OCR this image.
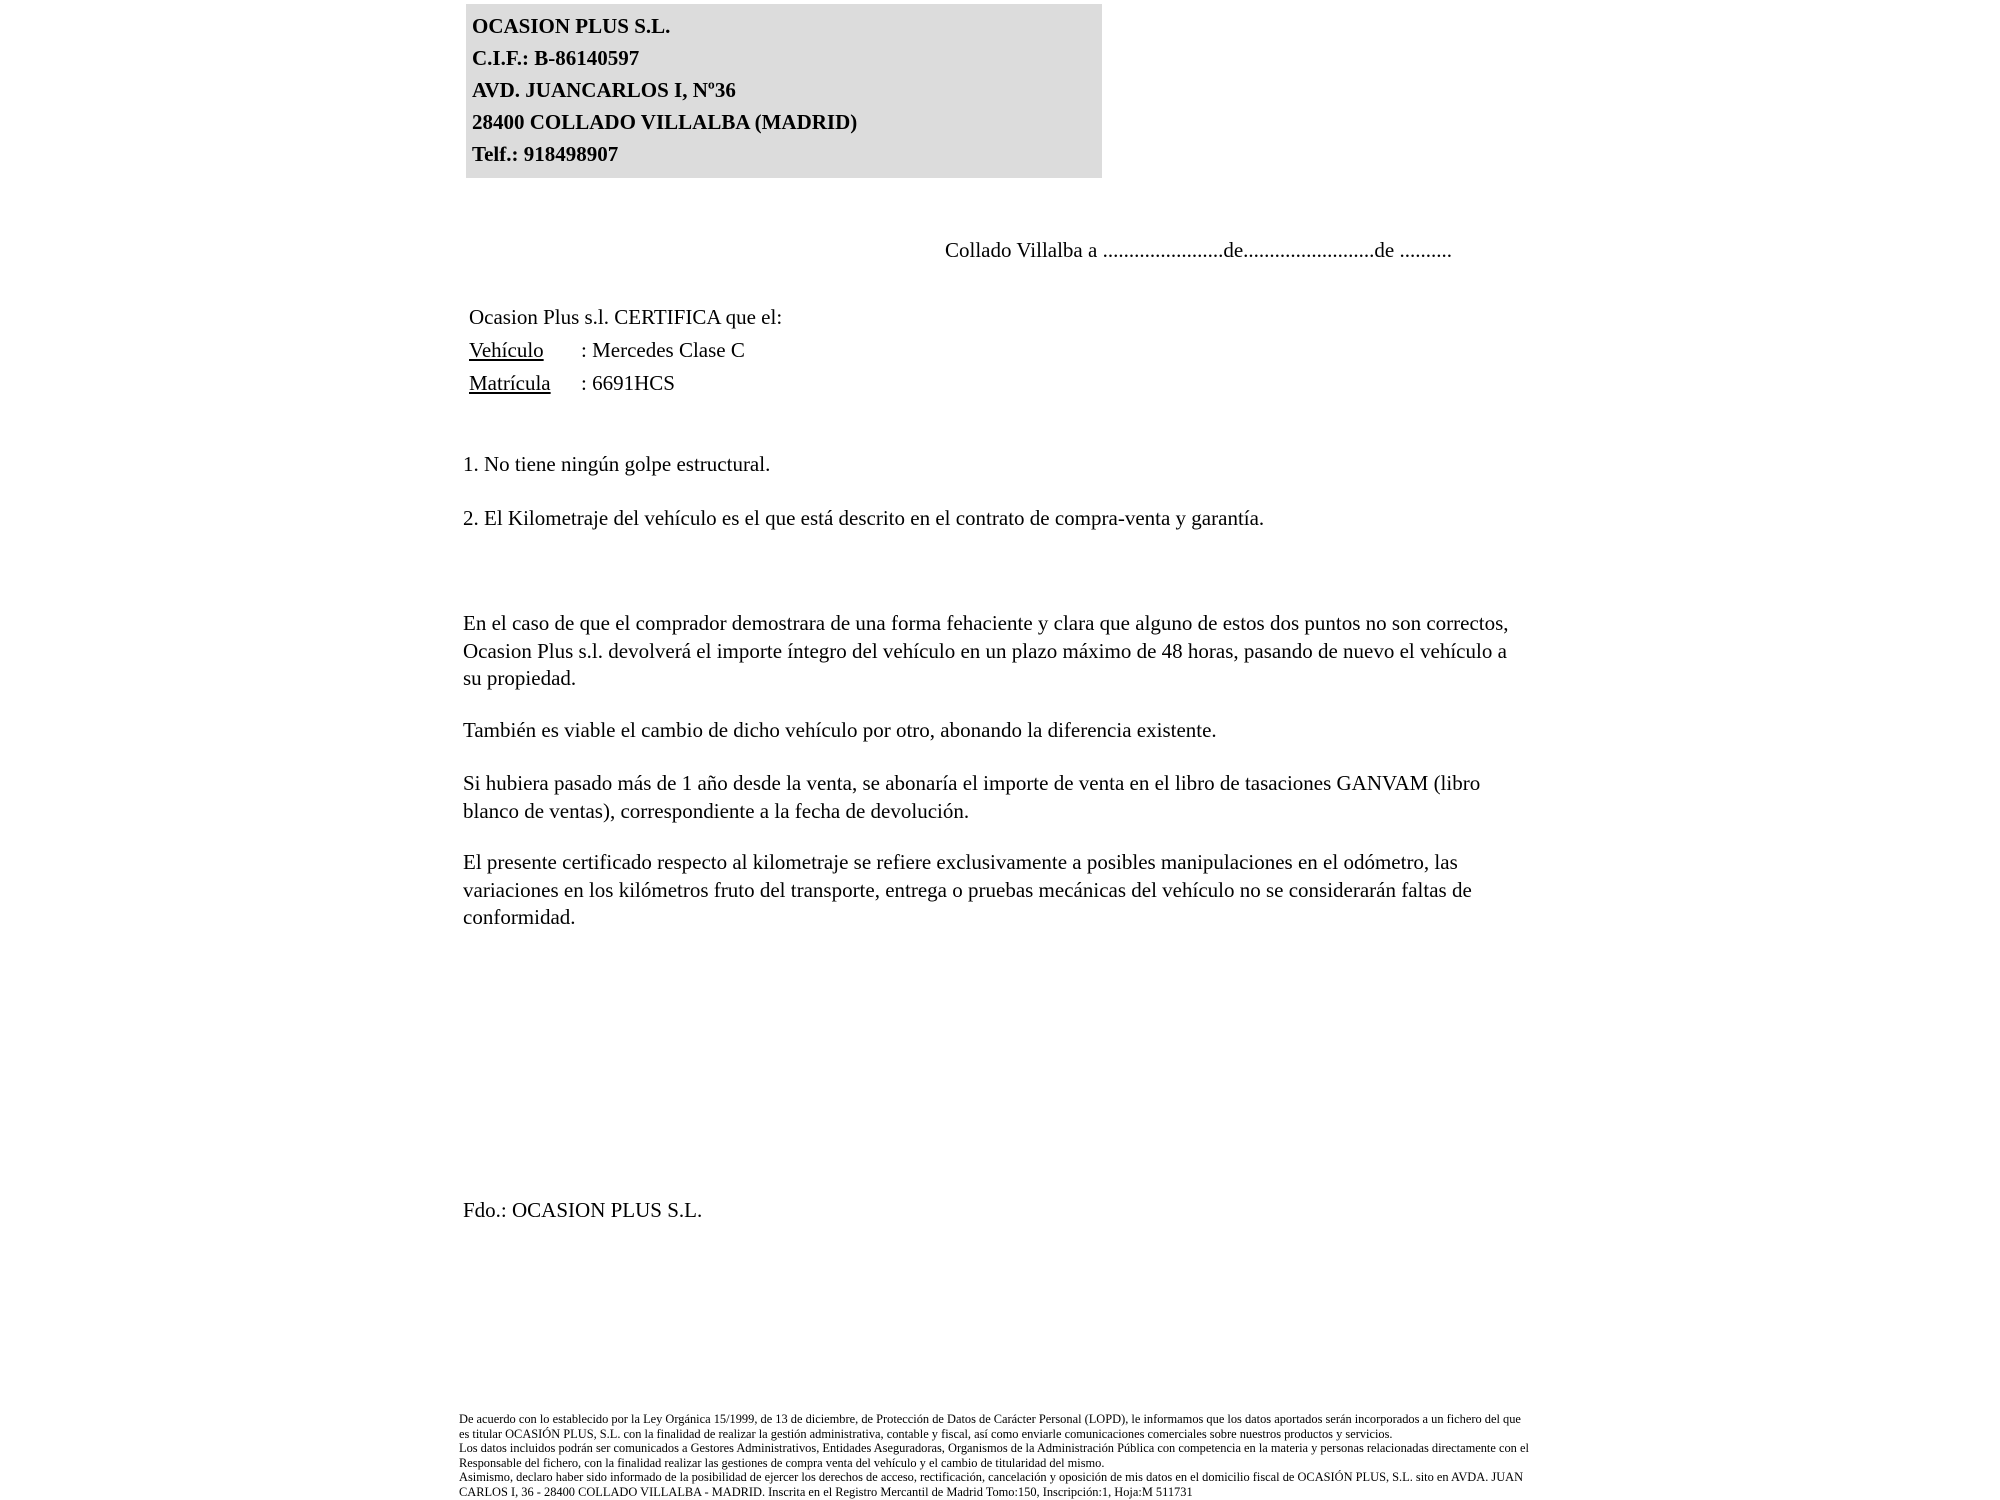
OCASION PLUS S.L.
C.I.F.: B-86140597
AVD. JUANCARLOS I, Nº36
28400 COLLADO VILLALBA (MADRID)
Telf.: 918498907
Collado Villalba a .......................de.........................de ..........
Ocasion Plus s.l. CERTIFICA que el:
Vehículo : Mercedes Clase C
Matrícula : 6691HCS
1. No tiene ningún golpe estructural.
2. El Kilometraje del vehículo es el que está descrito en el contrato de compra-venta y garantía.
En el caso de que el comprador demostrara de una forma fehaciente y clara que alguno de estos dos puntos no son correctos, Ocasion Plus s.l. devolverá el importe íntegro del vehículo en un plazo máximo de 48 horas, pasando de nuevo el vehículo a su propiedad.
También es viable el cambio de dicho vehículo por otro, abonando la diferencia existente.
Si hubiera pasado más de 1 año desde la venta, se abonaría el importe de venta en el libro de tasaciones GANVAM (libro blanco de ventas), correspondiente a la fecha de devolución.
El presente certificado respecto al kilometraje se refiere exclusivamente a posibles manipulaciones en el odómetro, las variaciones en los kilómetros fruto del transporte, entrega o pruebas mecánicas del vehículo no se considerarán faltas de conformidad.
Fdo.: OCASION PLUS S.L.

De acuerdo con lo establecido por la Ley Orgánica 15/1999, de 13 de diciembre, de Protección de Datos de Carácter Personal (LOPD), le informamos que los datos aportados serán incorporados a un fichero del que es titular OCASIÓN PLUS, S.L. con la finalidad de realizar la gestión administrativa, contable y fiscal, así como enviarle comunicaciones comerciales sobre nuestros productos y servicios.

Los datos incluidos podrán ser comunicados a Gestores Administrativos, Entidades Aseguradoras, Organismos de la Administración Pública con competencia en la materia y personas relacionadas directamente con el Responsable del fichero, con la finalidad realizar las gestiones de compra venta del vehículo y el cambio de titularidad del mismo.

Asimismo, declaro haber sido informado de la posibilidad de ejercer los derechos de acceso, rectificación, cancelación y oposición de mis datos en el domicilio fiscal de OCASIÓN PLUS, S.L. sito en AVDA. JUAN CARLOS I, 36 - 28400 COLLADO VILLALBA - MADRID. Inscrita en el Registro Mercantil de Madrid Tomo:150, Inscripción:1, Hoja:M 511731
